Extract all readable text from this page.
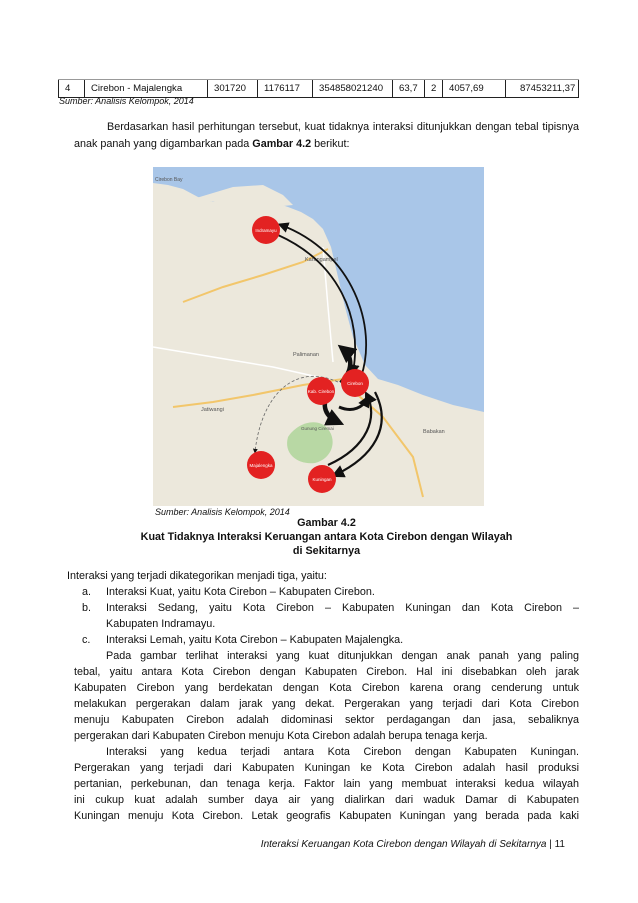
4	Cirebon - Majalengka	301720	1176117	354858021240	63,7	2	4057,69	87453211,37
Sumber: Analisis Kelompok, 2014
Berdasarkan hasil perhitungan tersebut, kuat tidaknya interaksi ditunjukkan dengan tebal tipisnya anak panah yang digambarkan pada Gambar 4.2 berikut:
Cirebon Bay
Karangampel
Palimanan
Jatiwangi
Babakan
Gunung Ciremai
Indramayu
Kab. Cirebon
Cirebon
Majalengka
Kuningan
Sumber: Analisis Kelompok, 2014
Gambar 4.2
Kuat Tidaknya Interaksi Keruangan antara Kota Cirebon dengan Wilayah
di Sekitarnya
Interaksi yang terjadi dikategorikan menjadi tiga, yaitu:
a. Interaksi Kuat, yaitu Kota Cirebon – Kabupaten Cirebon.
b. Interaksi Sedang, yaitu Kota Cirebon – Kabupaten Kuningan dan Kota Cirebon –
Kabupaten Indramayu.
c. Interaksi Lemah, yaitu Kota Cirebon – Kabupaten Majalengka.
Pada gambar terlihat interaksi yang kuat ditunjukkan dengan anak panah yang paling
tebal, yaitu antara Kota Cirebon dengan Kabupaten Cirebon. Hal ini disebabkan oleh jarak
Kabupaten Cirebon yang berdekatan dengan Kota Cirebon karena orang cenderung untuk
melakukan pergerakan dalam jarak yang dekat. Pergerakan yang terjadi dari Kota Cirebon
menuju Kabupaten Cirebon adalah didominasi sektor perdagangan dan jasa, sebaliknya
pergerakan dari Kabupaten Cirebon menuju Kota Cirebon adalah berupa tenaga kerja.
Interaksi yang kedua terjadi antara Kota Cirebon dengan Kabupaten Kuningan.
Pergerakan yang terjadi dari Kabupaten Kuningan ke Kota Cirebon adalah hasil produksi
pertanian, perkebunan, dan tenaga kerja. Faktor lain yang membuat interaksi kedua wilayah
ini cukup kuat adalah sumber daya air yang dialirkan dari waduk Damar di Kabupaten
Kuningan menuju Kota Cirebon. Letak geografis Kabupaten Kuningan yang berada pada kaki
Interaksi Keruangan Kota Cirebon dengan Wilayah di Sekitarnya | 11
